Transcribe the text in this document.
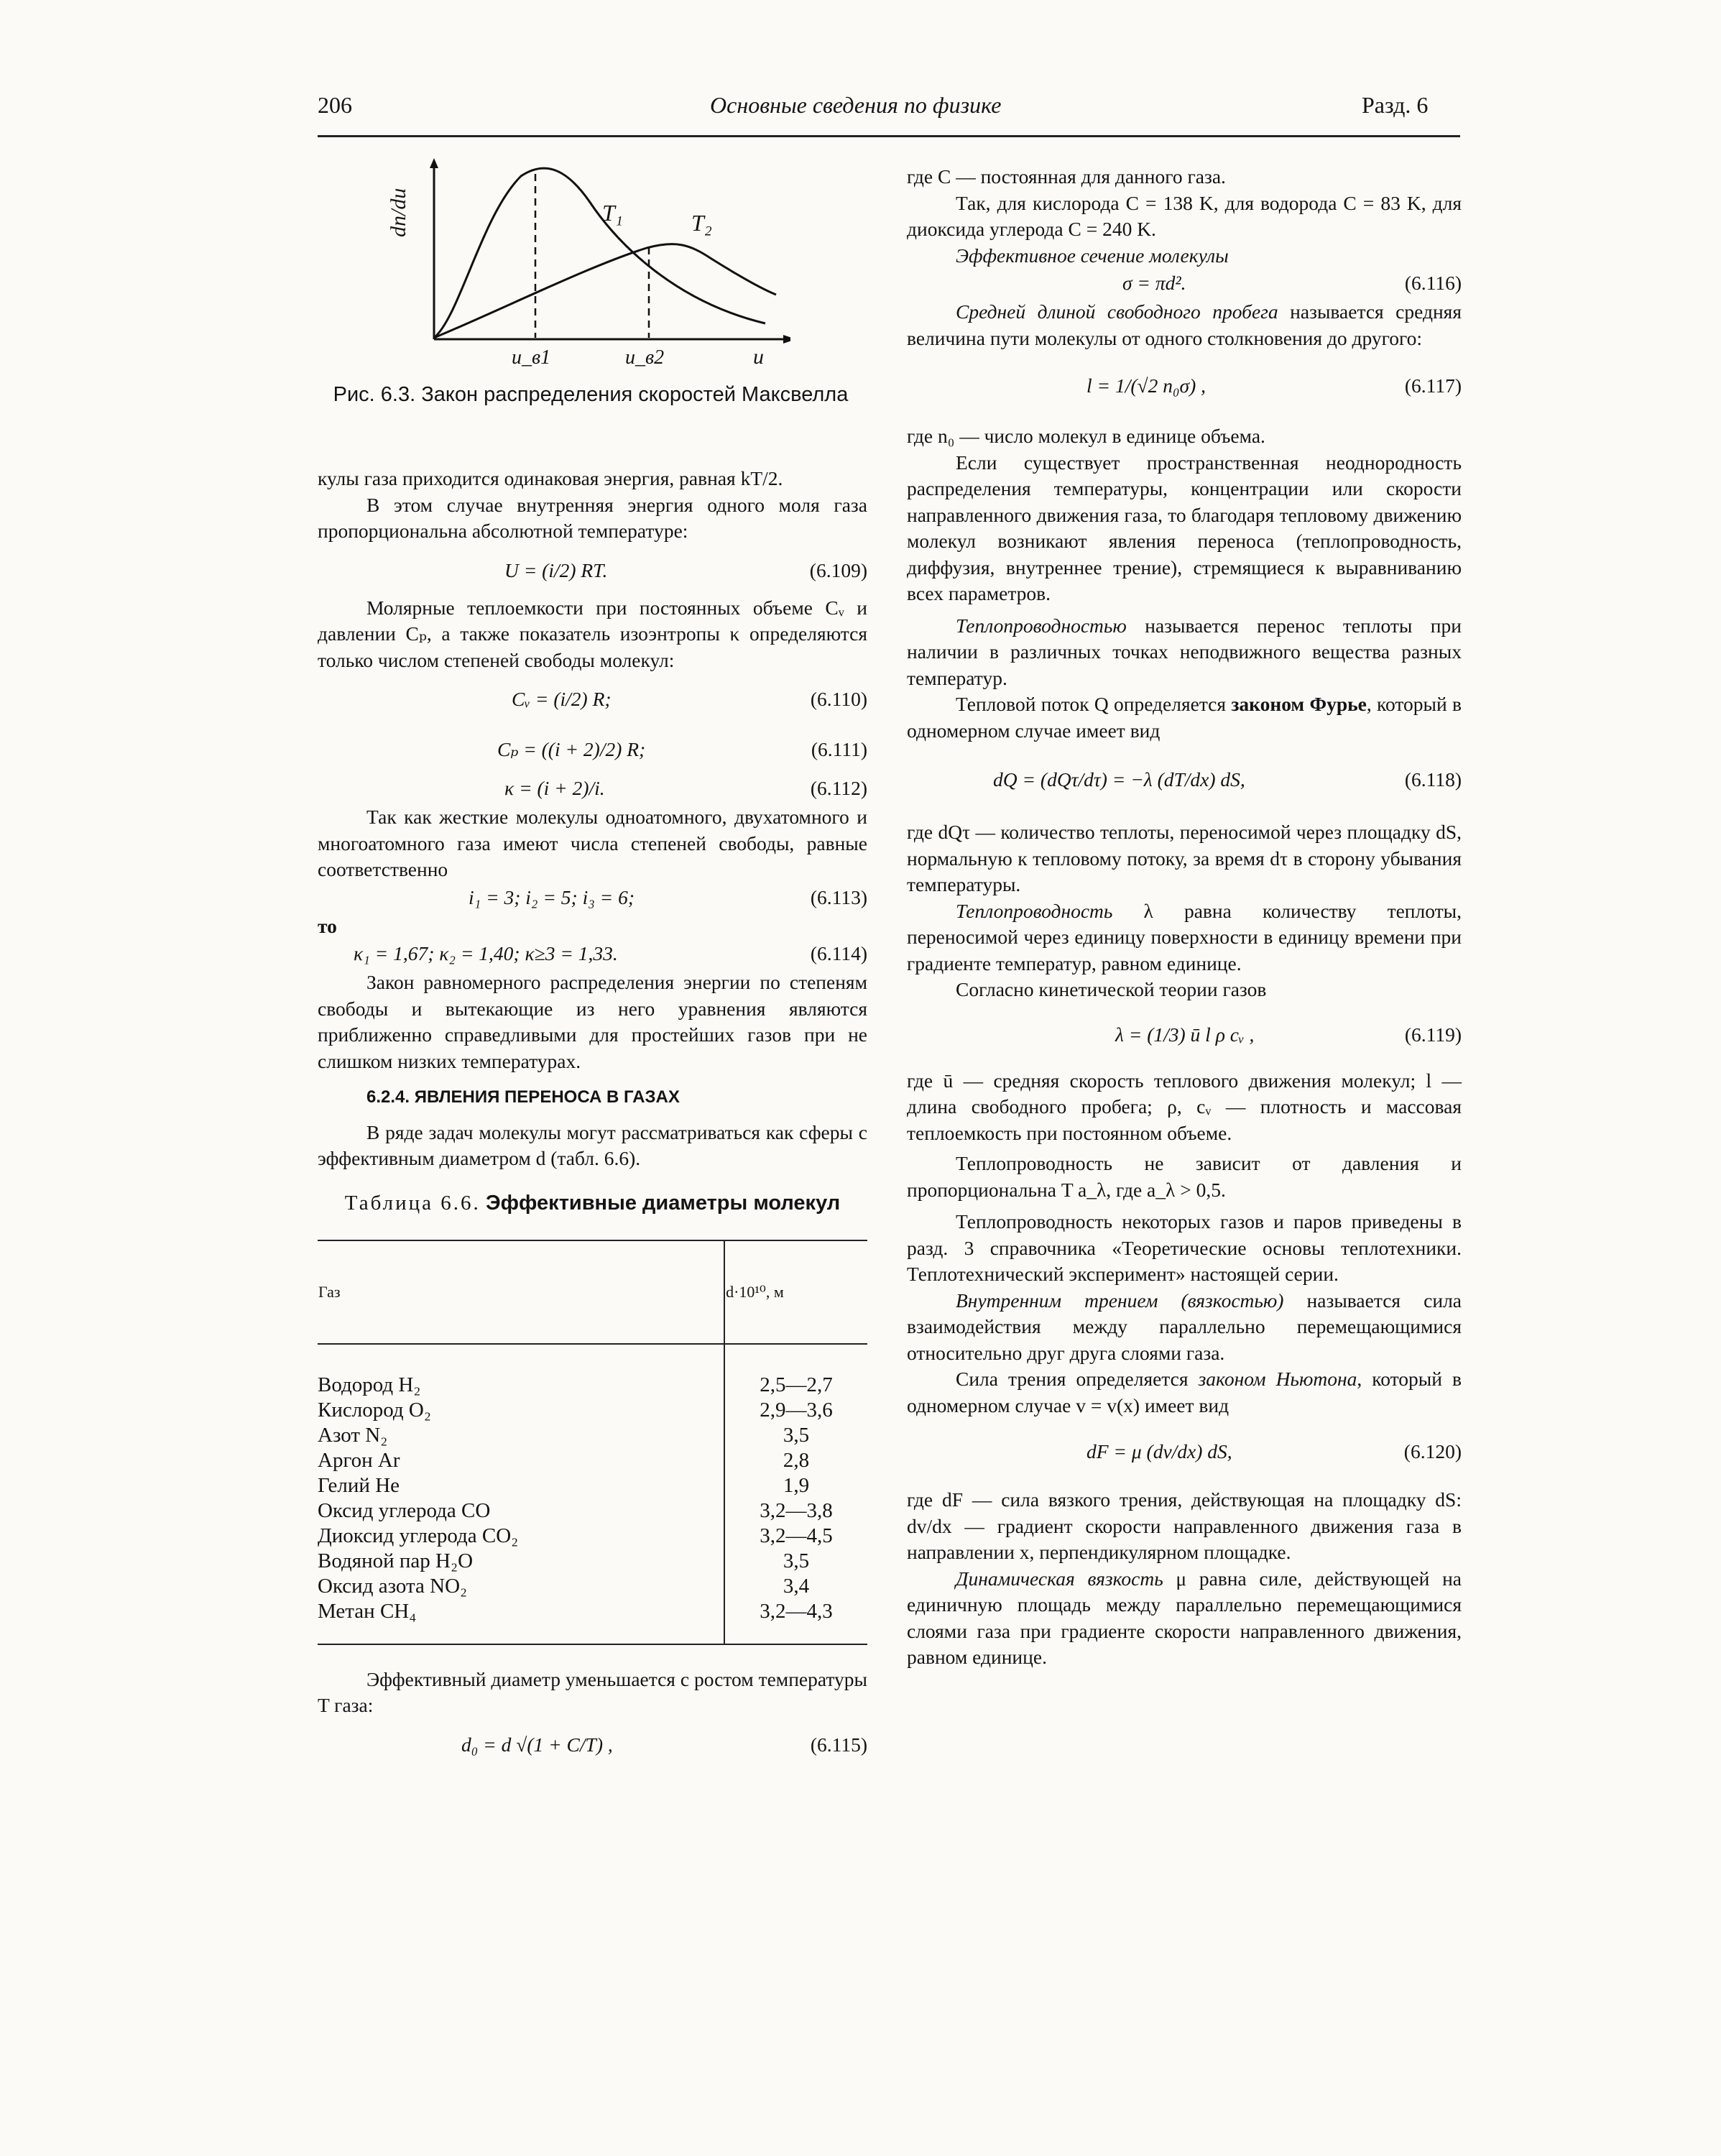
206	Основные сведения по физике	Разд. 6
dn/du	T₁	T₂
u_в1	u_в2	u
Рис. 6.3. Закон распределения скоростей Максвелла

кулы газа приходится одинаковая энергия, равная kT/2.

В этом случае внутренняя энергия одного моля газа пропорциональна абсолютной температуре:

U = (i/2) RT.	(6.109)

Молярные теплоемкости при постоянных объеме Cᵥ и давлении Cₚ, а также показатель изоэнтропы κ определяются только числом степеней свободы молекул:

Cᵥ = (i/2) R;	(6.110)
Cₚ = ((i + 2)/2) R;	(6.111)
κ = (i + 2)/i.	(6.112)

Так как жесткие молекулы одноатомного, двухатомного и многоатомного газа имеют числа степеней свободы, равные соответственно

i₁ = 3; i₂ = 5; i₃ = 6;	(6.113)

то

κ₁ = 1,67; κ₂ = 1,40; κ≥3 = 1,33.	(6.114)

Закон равномерного распределения энергии по степеням свободы и вытекающие из него уравнения являются приближенно справедливыми для простейших газов при не слишком низких температурах.

6.2.4. ЯВЛЕНИЯ ПЕРЕНОСА В ГАЗАХ

В ряде задач молекулы могут рассматриваться как сферы с эффективным диаметром d (табл. 6.6).

Таблица 6.6. Эффективные диаметры молекул
Газ	d·10¹⁰, м
Водород H₂	2,5—2,7
Кислород O₂	2,9—3,6
Азот N₂	3,5
Аргон Ar	2,8
Гелий He	1,9
Оксид углерода CO	3,2—3,8
Диоксид углерода CO₂	3,2—4,5
Водяной пар H₂O	3,5
Оксид азота NO₂	3,4
Метан CH₄	3,2—4,3

Эффективный диаметр уменьшается с ростом температуры T газа:

d₀ = d √(1 + C/T) ,	(6.115)

где C — постоянная для данного газа.

Так, для кислорода C = 138 K, для водорода C = 83 K, для диоксида углерода C = 240 K.

Эффективное сечение молекулы

σ = πd².	(6.116)

Средней длиной свободного пробега называется средняя величина пути молекулы от одного столкновения до другого:

l = 1/(√2 n₀σ) ,	(6.117)

где n₀ — число молекул в единице объема.

Если существует пространственная неоднородность распределения температуры, концентрации или скорости направленного движения газа, то благодаря тепловому движению молекул возникают явления переноса (теплопроводность, диффузия, внутреннее трение), стремящиеся к выравниванию всех параметров.

Теплопроводностью называется перенос теплоты при наличии в различных точках неподвижного вещества разных температур.

Тепловой поток Q определяется законом Фурье, который в одномерном случае имеет вид

dQ = (dQτ/dτ) = −λ (dT/dx) dS,	(6.118)

где dQτ — количество теплоты, переносимой через площадку dS, нормальную к тепловому потоку, за время dτ в сторону убывания температуры.

Теплопроводность λ равна количеству теплоты, переносимой через единицу поверхности в единицу времени при градиенте температур, равном единице.

Согласно кинетической теории газов

λ = (1/3) ū l ρ cᵥ ,	(6.119)

где ū — средняя скорость теплового движения молекул; l — длина свободного пробега; ρ, cᵥ — плотность и массовая теплоемкость при постоянном объеме.

Теплопроводность не зависит от давления и пропорциональна T a_λ, где a_λ > 0,5.

Теплопроводность некоторых газов и паров приведены в разд. 3 справочника «Теоретические основы теплотехники. Теплотехнический эксперимент» настоящей серии.

Внутренним трением (вязкостью) называется сила взаимодействия между параллельно перемещающимися относительно друг друга слоями газа.

Сила трения определяется законом Ньютона, который в одномерном случае v = v(x) имеет вид

dF = μ (dv/dx) dS,	(6.120)

где dF — сила вязкого трения, действующая на площадку dS: dv/dx — градиент скорости направленного движения газа в направлении x, перпендикулярном площадке.

Динамическая вязкость μ равна силе, действующей на единичную площадь между параллельно перемещающимися слоями газа при градиенте скорости направленного движения, равном единице.
